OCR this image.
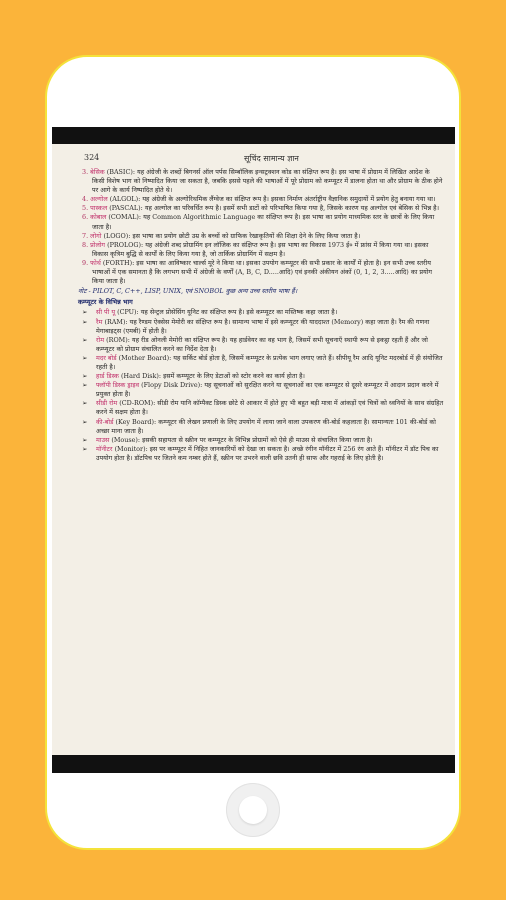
324	सूचिंद सामान्य ज्ञान

3. बेसिक (BASIC): यह अंग्रेजी के शब्दों बिगनर्स ऑल पर्पस सिम्बॉलिक इन्सट्रक्शन कोड का संक्षिप्त रूप है। इस भाषा में प्रोग्राम में लिखित आदेश के किसी विशेष भाग को निष्पादित किया जा सकता है, जबकि इससे पहले की भाषाओं में पूरे प्रोग्राम को कम्प्यूटर में डालना होता था और प्रोग्राम के ठीक होने पर आगे के कार्य निष्पादित होते थे।

4. अल्गोल (ALGOL): यह अंग्रेजी के अल्गोरिथमिक लैंग्वेज का संक्षिप्त रूप है। इसका निर्माण अंतर्राष्ट्रीय वैज्ञानिक समुदायों में प्रयोग हेतु बनाया गया था।

5. पास्कल (PASCAL): यह अल्गोल का परिवर्धित रूप है। इसमें सभी डाटों को परिभाषित किया गया है, जिसके कारण यह अल्गोल एवं बेसिक से भिन्न है।

6. कोबाल (COMAL): यह Common Algorithmic Language का संक्षिप्त रूप है। इस भाषा का प्रयोग माध्यमिक स्तर के छात्रों के लिए किया जाता है।

7. लोगो (LOGO): इस भाषा का प्रयोग छोटी उम्र के बच्चों को ग्राफिक रेखाकृतियों की शिक्षा देने के लिए किया जाता है।

8. प्रोलोग (PROLOG): यह अंग्रेजी शब्द प्रोग्रामिंग इन लॉजिक का संक्षिप्त रूप है। इस भाषा का विकास 1973 ई० में फ्रांस में किया गया था। इसका विकास कृत्रिम बुद्धि से कार्यों के लिए किया गया है, जो तार्किक प्रोग्रामिंग में सक्षम है।

9. फोर्थ (FORTH): इस भाषा का आविष्कार चार्ल्स मूरे ने किया था। इसका उपयोग कम्प्यूटर की सभी प्रकार के कार्यों में होता है। इन सभी उच्च स्तरीय भाषाओं में एक समानता है कि लगभग सभी में अंग्रेजी के वर्णों (A, B, C, D.....आदि) एवं इनकी अंकीयन अंकों (0, 1, 2, 3.....आदि) का प्रयोग किया जाता है।

नोट - PILOT, C, C++, LISP, UNIX, एवं SNOBOL कुछ अन्य उच्च स्तरीय भाषा हैं।

कम्प्यूटर के विभिन्न भाग

➢ सी पी यू (CPU): यह सेन्ट्रल प्रोसेसिंग यूनिट का संक्षिप्त रूप है। इसे कम्प्यूटर का मस्तिष्क कहा जाता है।

➢ रैम (RAM): यह रैण्डम ऐक्सेस मेमोरी का संक्षिप्त रूप है। सामान्य भाषा में इसे कम्प्यूटर की याददाश्त (Memory) कहा जाता है। रैम की गणना मेगाबाइट्स (एमबी) में होती है।

➢ रोम (ROM): यह रीड ओनली मेमोरी का संक्षिप्त रूप है। यह हार्डवेयर का वह भाग है, जिसमें सभी सूचनाएँ स्थायी रूप से इकट्ठा रहती हैं और जो कम्प्यूटर को प्रोग्राम संचालित करने का निर्देश देता है।

➢ मदर बोर्ड (Mother Board): यह सर्किट बोर्ड होता है, जिसमें कम्प्यूटर के प्रत्येक भाग लगाए जाते हैं। सीपीयू रैम आदि यूनिट मदरबोर्ड में ही संयोजित रहती है।

➢ हार्ड डिस्क (Hard Disk): इसमें कम्प्यूटर के लिए डेटाओं को स्टोर करने का कार्य होता है।

➢ फ्लॉपी डिस्क ड्राइव (Flopy Disk Drive): यह सूचनाओं को सुरक्षित करने या सूचनाओं का एक कम्प्यूटर से दूसरे कम्प्यूटर में आदान प्रदान करने में प्रयुक्त होता है।

➢ सीडी रोम (CD-ROM): सीडी रोम यानि कॉम्पैक्ट डिस्क छोटे से आकार में होते हुए भी बहुत बड़ी मात्रा में आंकड़ों एवं चित्रों को ध्वनियों के साथ संग्रहित करने में सक्षम होता है।

➢ की-बोर्ड (Key Board): कम्प्यूटर की लेखन प्रणाली के लिए उपयोग में लाया जाने वाला उपकरण की-बोर्ड कहलाता है। सामान्यतः 101 की-बोर्ड को अच्छा माना जाता है।

➢ माउस (Mouse): इसकी सहायता से स्क्रीन पर कम्प्यूटर के विभिन्न प्रोग्रामों को ऐसे ही माउस से संचालित किया जाता है।

➢ मॉनीटर (Monitor): इस पर कम्प्यूटर में निहित जानकारियों को देखा जा सकता है। अच्छे रंगीन मॉनीटर में 256 रंग आते हैं। मॉनीटर में डॉट पिच का उपयोग होता है। डॉटपिच पर जितने कम नम्बर होते हैं, स्क्रीन पर उभरने वाली छवि उतनी ही साफ और गहराई के लिए होती है।
